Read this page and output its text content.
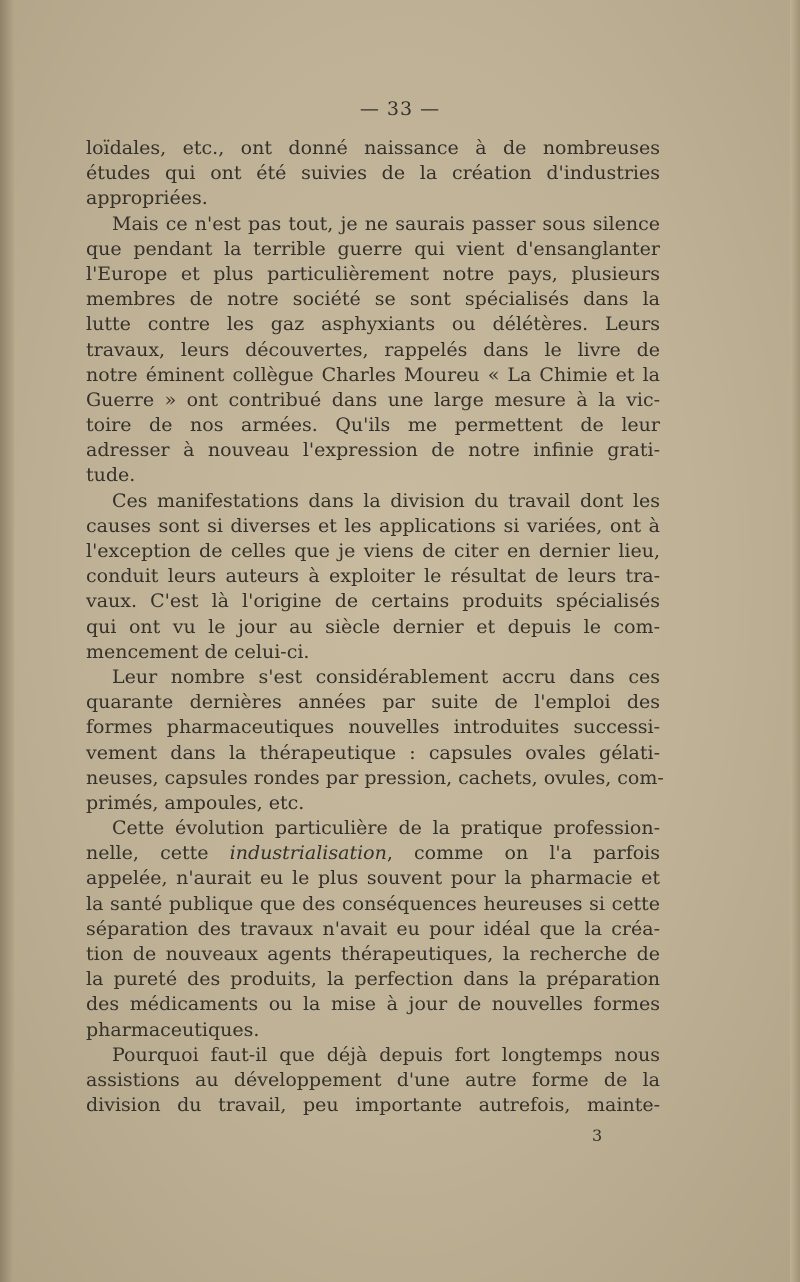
— 33 —
loïdales, etc., ont donné naissance à de nombreuses
études qui ont été suivies de la création d'industries
appropriées.
Mais ce n'est pas tout, je ne saurais passer sous silence
que pendant la terrible guerre qui vient d'ensanglanter
l'Europe et plus particulièrement notre pays, plusieurs
membres de notre société se sont spécialisés dans la
lutte contre les gaz asphyxiants ou délétères. Leurs
travaux, leurs découvertes, rappelés dans le livre de
notre éminent collègue Charles Moureu « La Chimie et la
Guerre » ont contribué dans une large mesure à la vic-
toire de nos armées. Qu'ils me permettent de leur
adresser à nouveau l'expression de notre infinie grati-
tude.
Ces manifestations dans la division du travail dont les
causes sont si diverses et les applications si variées, ont à
l'exception de celles que je viens de citer en dernier lieu,
conduit leurs auteurs à exploiter le résultat de leurs tra-
vaux. C'est là l'origine de certains produits spécialisés
qui ont vu le jour au siècle dernier et depuis le com-
mencement de celui-ci.
Leur nombre s'est considérablement accru dans ces
quarante dernières années par suite de l'emploi des
formes pharmaceutiques nouvelles introduites successi-
vement dans la thérapeutique : capsules ovales gélati-
neuses, capsules rondes par pression, cachets, ovules, com-
primés, ampoules, etc.
Cette évolution particulière de la pratique profession-
nelle, cette industrialisation, comme on l'a parfois
appelée, n'aurait eu le plus souvent pour la pharmacie et
la santé publique que des conséquences heureuses si cette
séparation des travaux n'avait eu pour idéal que la créa-
tion de nouveaux agents thérapeutiques, la recherche de
la pureté des produits, la perfection dans la préparation
des médicaments ou la mise à jour de nouvelles formes
pharmaceutiques.
Pourquoi faut-il que déjà depuis fort longtemps nous
assistions au développement d'une autre forme de la
division du travail, peu importante autrefois, mainte-
3
